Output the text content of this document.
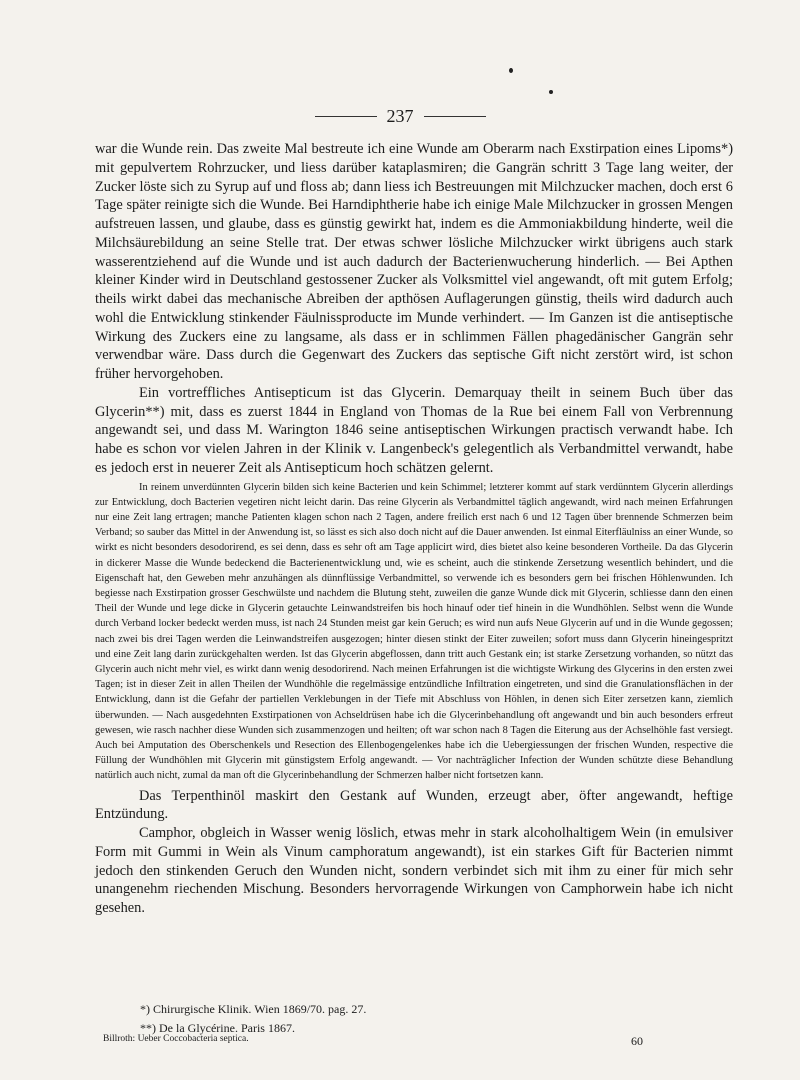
237

war die Wunde rein. Das zweite Mal bestreute ich eine Wunde am Oberarm nach Exstirpation eines Lipoms*) mit gepulvertem Rohrzucker, und liess darüber kataplasmiren; die Gangrän schritt 3 Tage lang weiter, der Zucker löste sich zu Syrup auf und floss ab; dann liess ich Bestreuungen mit Milchzucker machen, doch erst 6 Tage später reinigte sich die Wunde. Bei Harndiphtherie habe ich einige Male Milchzucker in grossen Mengen aufstreuen lassen, und glaube, dass es günstig gewirkt hat, indem es die Ammoniakbildung hinderte, weil die Milchsäurebildung an seine Stelle trat. Der etwas schwer lösliche Milchzucker wirkt übrigens auch stark wasserentziehend auf die Wunde und ist auch dadurch der Bacterienwucherung hinderlich. — Bei Apthen kleiner Kinder wird in Deutschland gestossener Zucker als Volksmittel viel angewandt, oft mit gutem Erfolg; theils wirkt dabei das mechanische Abreiben der apthösen Auflagerungen günstig, theils wird dadurch auch wohl die Entwicklung stinkender Fäulnissproducte im Munde verhindert. — Im Ganzen ist die antiseptische Wirkung des Zuckers eine zu langsame, als dass er in schlimmen Fällen phagedänischer Gangrän sehr verwendbar wäre. Dass durch die Gegenwart des Zuckers das septische Gift nicht zerstört wird, ist schon früher hervorgehoben.

Ein vortreffliches Antisepticum ist das Glycerin. Demarquay theilt in seinem Buch über das Glycerin**) mit, dass es zuerst 1844 in England von Thomas de la Rue bei einem Fall von Verbrennung angewandt sei, und dass M. Warington 1846 seine antiseptischen Wirkungen practisch verwandt habe. Ich habe es schon vor vielen Jahren in der Klinik v. Langenbeck's gelegentlich als Verbandmittel verwandt, habe es jedoch erst in neuerer Zeit als Antisepticum hoch schätzen gelernt.

In reinem unverdünnten Glycerin bilden sich keine Bacterien und kein Schimmel; letzterer kommt auf stark verdünntem Glycerin allerdings zur Entwicklung, doch Bacterien vegetiren nicht leicht darin. Das reine Glycerin als Verbandmittel täglich angewandt, wird nach meinen Erfahrungen nur eine Zeit lang ertragen; manche Patienten klagen schon nach 2 Tagen, andere freilich erst nach 6 und 12 Tagen über brennende Schmerzen beim Verband; so sauber das Mittel in der Anwendung ist, so lässt es sich also doch nicht auf die Dauer anwenden. Ist einmal Eiterfläulniss an einer Wunde, so wirkt es nicht besonders desodorirend, es sei denn, dass es sehr oft am Tage applicirt wird, dies bietet also keine besonderen Vortheile. Da das Glycerin in dickerer Masse die Wunde bedeckend die Bacterienentwicklung und, wie es scheint, auch die stinkende Zersetzung wesentlich behindert, und die Eigenschaft hat, den Geweben mehr anzuhängen als dünnflüssige Verbandmittel, so verwende ich es besonders gern bei frischen Höhlenwunden. Ich begiesse nach Exstirpation grosser Geschwülste und nachdem die Blutung steht, zuweilen die ganze Wunde dick mit Glycerin, schliesse dann den einen Theil der Wunde und lege dicke in Glycerin getauchte Leinwandstreifen bis hoch hinauf oder tief hinein in die Wundhöhlen. Selbst wenn die Wunde durch Verband locker bedeckt werden muss, ist nach 24 Stunden meist gar kein Geruch; es wird nun aufs Neue Glycerin auf und in die Wunde gegossen; nach zwei bis drei Tagen werden die Leinwandstreifen ausgezogen; hinter diesen stinkt der Eiter zuweilen; sofort muss dann Glycerin hineingespritzt und eine Zeit lang darin zurückgehalten werden. Ist das Glycerin abgeflossen, dann tritt auch Gestank ein; ist starke Zersetzung vorhanden, so nützt das Glycerin auch nicht mehr viel, es wirkt dann wenig desodorirend. Nach meinen Erfahrungen ist die wichtigste Wirkung des Glycerins in den ersten zwei Tagen; ist in dieser Zeit in allen Theilen der Wundhöhle die regelmässige entzündliche Infiltration eingetreten, und sind die Granulationsflächen in der Entwicklung, dann ist die Gefahr der partiellen Verklebungen in der Tiefe mit Abschluss von Höhlen, in denen sich Eiter zersetzen kann, ziemlich überwunden. — Nach ausgedehnten Exstirpationen von Achseldrüsen habe ich die Glycerinbehandlung oft angewandt und bin auch besonders erfreut gewesen, wie rasch nachher diese Wunden sich zusammenzogen und heilten; oft war schon nach 8 Tagen die Eiterung aus der Achselhöhle fast versiegt. Auch bei Amputation des Oberschenkels und Resection des Ellenbogengelenkes habe ich die Uebergiessungen der frischen Wunden, respective die Füllung der Wundhöhlen mit Glycerin mit günstigstem Erfolg angewandt. — Vor nachträglicher Infection der Wunden schützte diese Behandlung natürlich auch nicht, zumal da man oft die Glycerinbehandlung der Schmerzen halber nicht fortsetzen kann.

Das Terpenthinöl maskirt den Gestank auf Wunden, erzeugt aber, öfter angewandt, heftige Entzündung.

Camphor, obgleich in Wasser wenig löslich, etwas mehr in stark alcoholhaltigem Wein (in emulsiver Form mit Gummi in Wein als Vinum camphoratum angewandt), ist ein starkes Gift für Bacterien nimmt jedoch den stinkenden Geruch den Wunden nicht, sondern verbindet sich mit ihm zu einer für mich sehr unangenehm riechenden Mischung. Besonders hervorragende Wirkungen von Camphorwein habe ich nicht gesehen.

*) Chirurgische Klinik. Wien 1869/70. pag. 27.
**) De la Glycérine. Paris 1867.
Billroth: Ueber Coccobacteria septica.	60
